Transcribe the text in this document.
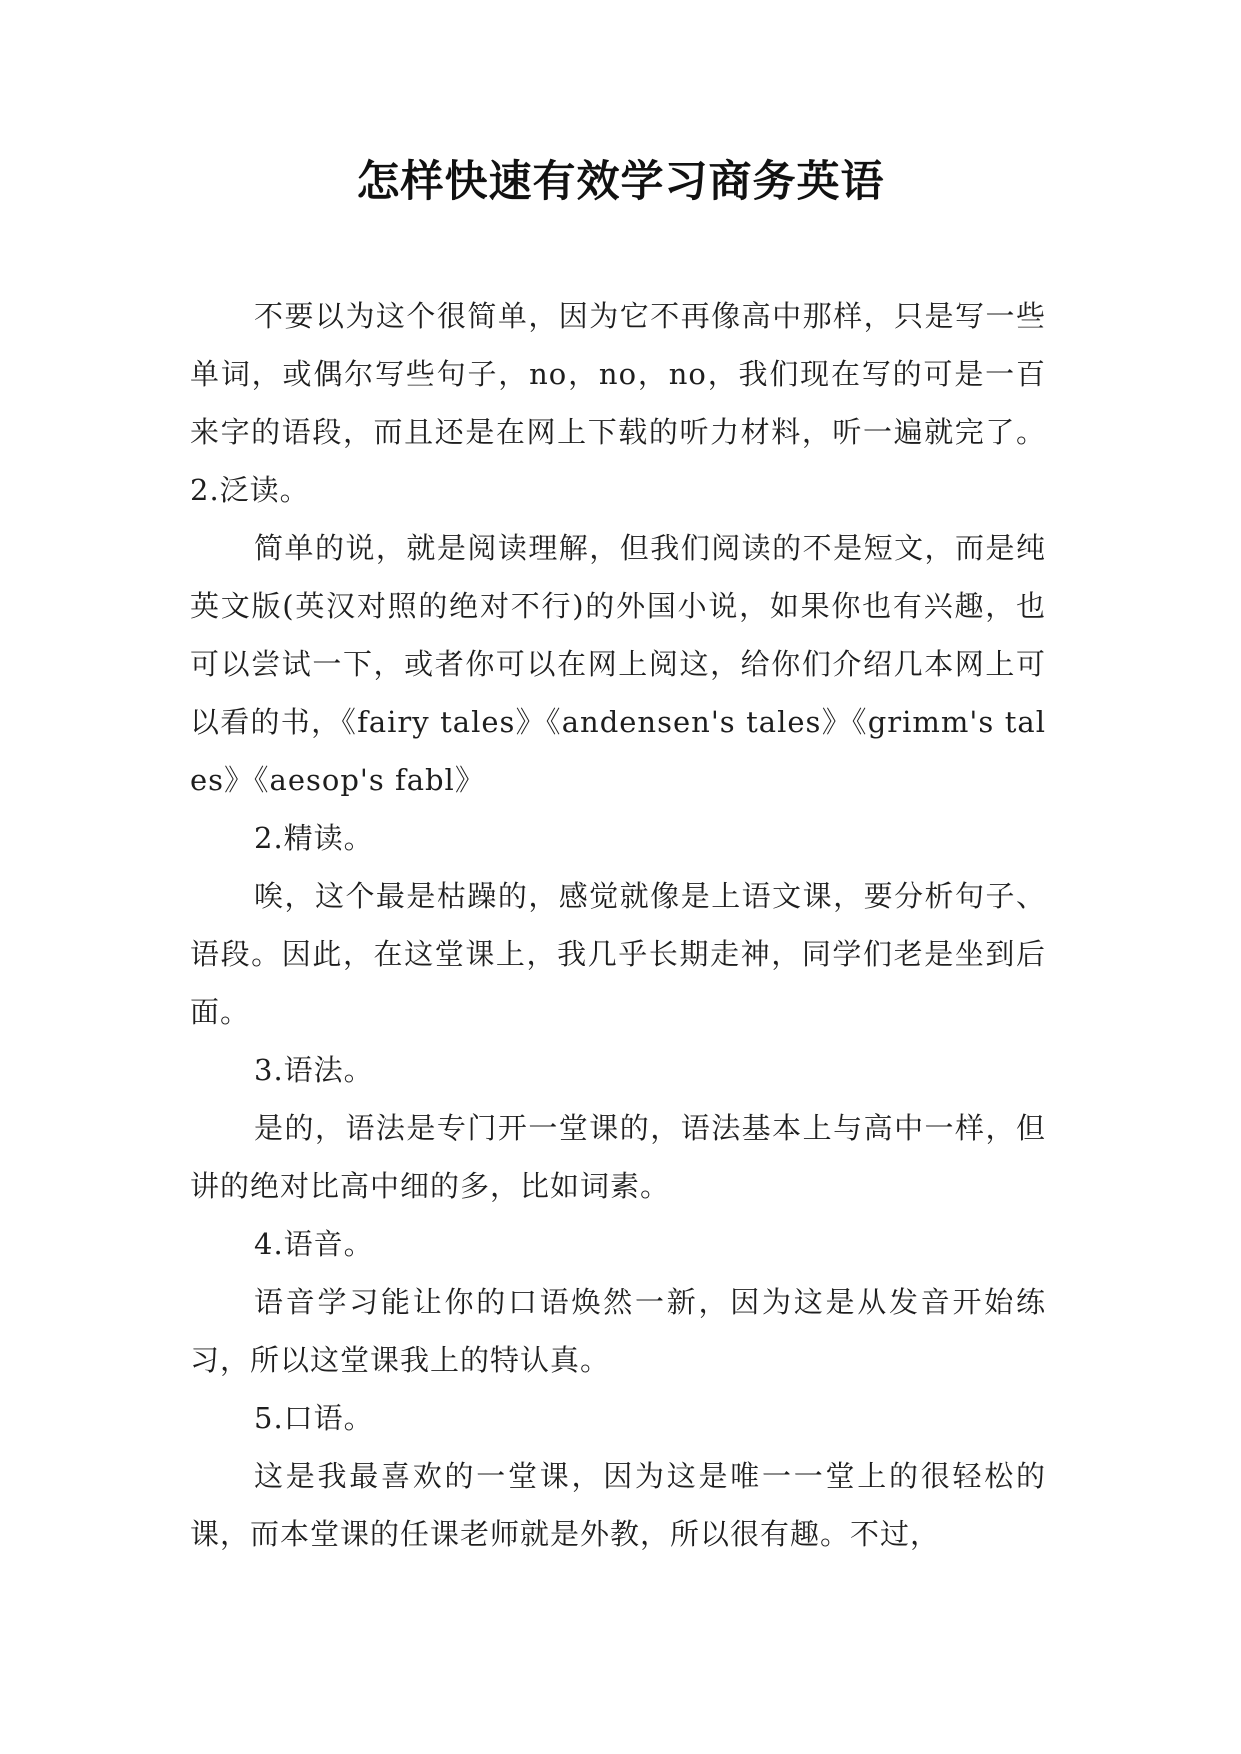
怎样快速有效学习商务英语

不要以为这个很简单，因为它不再像高中那样，只是写一些单词，或偶尔写些句子，no，no，no，我们现在写的可是一百来字的语段，而且还是在网上下载的听力材料，听一遍就完了。2.泛读。

简单的说，就是阅读理解，但我们阅读的不是短文，而是纯英文版(英汉对照的绝对不行)的外国小说，如果你也有兴趣，也可以尝试一下，或者你可以在网上阅这，给你们介绍几本网上可以看的书，《fairy tales》《andensen's tales》《grimm's tales》《aesop's fabl》

2.精读。

唉，这个最是枯躁的，感觉就像是上语文课，要分析句子、语段。因此，在这堂课上，我几乎长期走神，同学们老是坐到后面。

3.语法。

是的，语法是专门开一堂课的，语法基本上与高中一样，但讲的绝对比高中细的多，比如词素。

4.语音。

语音学习能让你的口语焕然一新，因为这是从发音开始练习，所以这堂课我上的特认真。

5.口语。

这是我最喜欢的一堂课，因为这是唯一一堂上的很轻松的课，而本堂课的任课老师就是外教，所以很有趣。不过，
